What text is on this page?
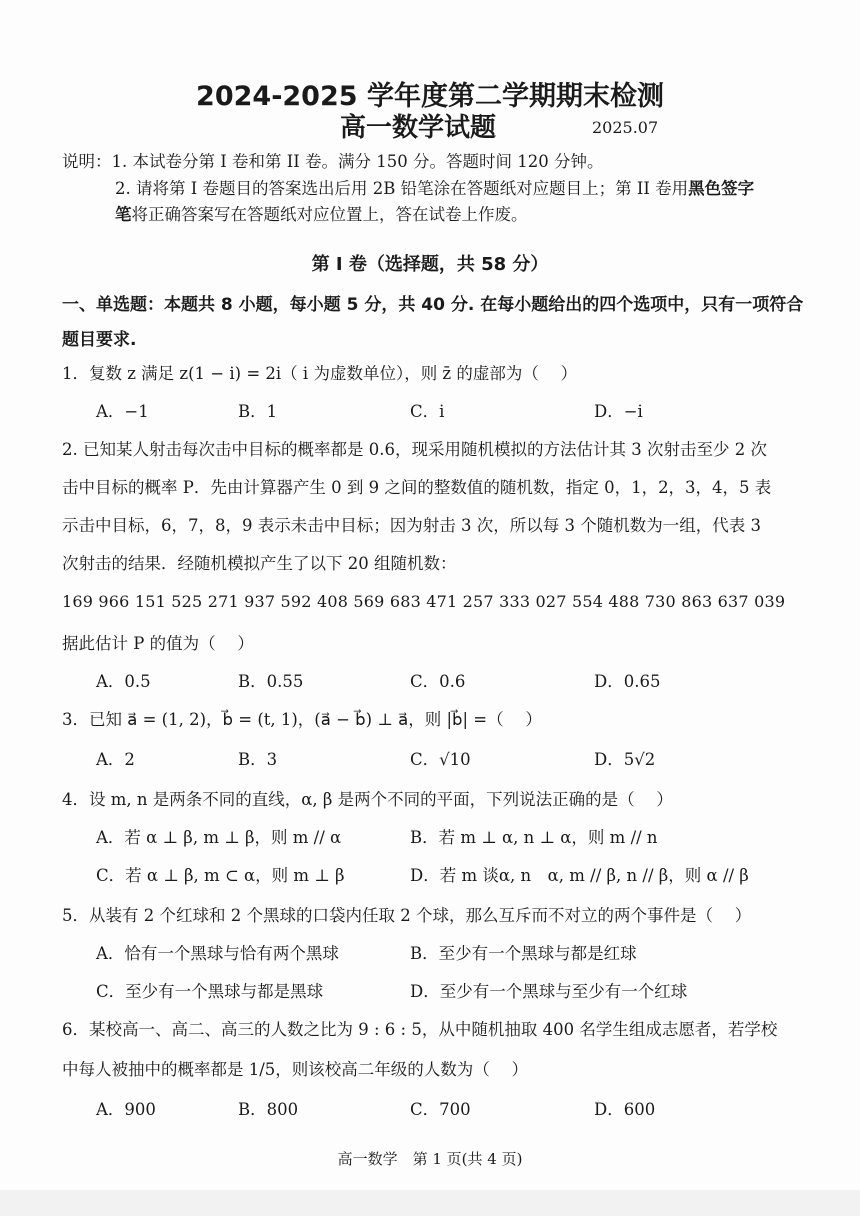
2024-2025 学年度第二学期期末检测
高一数学试题	2025.07
说明：1. 本试卷分第 I 卷和第 II 卷。满分 150 分。答题时间 120 分钟。
2. 请将第 I 卷题目的答案选出后用 2B 铅笔涂在答题纸对应题目上；第 II 卷用黑色签字
笔将正确答案写在答题纸对应位置上，答在试卷上作废。
第 I 卷（选择题，共 58 分）
一、单选题：本题共 8 小题，每小题 5 分，共 40 分. 在每小题给出的四个选项中，只有一项符合
题目要求.
1．复数 z 满足 z(1 − i) = 2i（ i 为虚数单位），则 z̄ 的虚部为（　 ）
A．−1	B．1	C．i	D．−i
2. 已知某人射击每次击中目标的概率都是 0.6，现采用随机模拟的方法估计其 3 次射击至少 2 次
击中目标的概率 P．先由计算器产生 0 到 9 之间的整数值的随机数，指定 0，1，2，3，4，5 表
示击中目标，6，7，8，9 表示未击中目标；因为射击 3 次，所以每 3 个随机数为一组，代表 3
次射击的结果．经随机模拟产生了以下 20 组随机数：
169 966 151 525 271 937 592 408 569 683 471 257 333 027 554 488 730 863 637 039
据此估计 P 的值为（　 ）
A．0.5	B．0.55	C．0.6	D．0.65
3．已知 a⃗ = (1, 2)，b⃗ = (t, 1)，(a⃗ − b⃗) ⊥ a⃗，则 |b⃗| =（　 ）
A．2	B．3	C．√10	D．5√2
4．设 m, n 是两条不同的直线，α, β 是两个不同的平面，下列说法正确的是（　 ）
A．若 α ⊥ β, m ⊥ β，则 m // α	B．若 m ⊥ α, n ⊥ α，则 m // n
C．若 α ⊥ β, m ⊂ α，则 m ⊥ β	D．若 m 谈α, n　α, m // β, n // β，则 α // β
5．从装有 2 个红球和 2 个黑球的口袋内任取 2 个球，那么互斥而不对立的两个事件是（　 ）
A．恰有一个黑球与恰有两个黑球	B．至少有一个黑球与都是红球
C．至少有一个黑球与都是黑球	D．至少有一个黑球与至少有一个红球
6．某校高一、高二、高三的人数之比为 9 : 6 : 5，从中随机抽取 400 名学生组成志愿者，若学校
中每人被抽中的概率都是 1/5，则该校高二年级的人数为（　 ）
A．900	B．800	C．700	D．600
高一数学　第 1 页(共 4 页)
